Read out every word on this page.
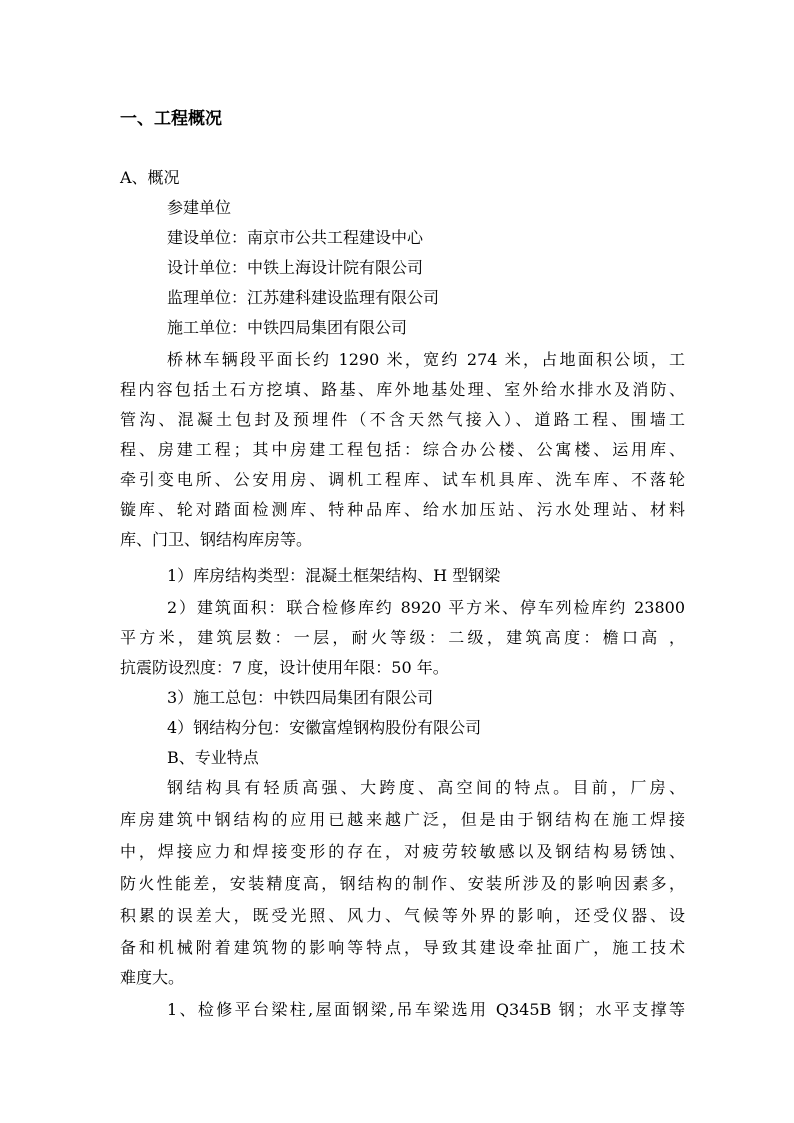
一、工程概况

A、概况

参建单位

建设单位：南京市公共工程建设中心

设计单位：中铁上海设计院有限公司

监理单位：江苏建科建设监理有限公司

施工单位：中铁四局集团有限公司

桥林车辆段平面长约 1290 米，宽约 274 米，占地面积公顷，工

程内容包括土石方挖填、路基、库外地基处理、室外给水排水及消防、

管沟、混凝土包封及预埋件（不含天然气接入）、道路工程、围墙工

程、房建工程；其中房建工程包括：综合办公楼、公寓楼、运用库、

牵引变电所、公安用房、调机工程库、试车机具库、洗车库、不落轮

镟库、轮对踏面检测库、特种品库、给水加压站、污水处理站、材料

库、门卫、钢结构库房等。

1）库房结构类型：混凝土框架结构、H 型钢梁

2）建筑面积：联合检修库约 8920 平方米、停车列检库约 23800

平方米，建筑层数：一层，耐火等级：二级，建筑高度：檐口高 ，

抗震防设烈度：7 度，设计使用年限：50 年。

3）施工总包：中铁四局集团有限公司

4）钢结构分包：安徽富煌钢构股份有限公司

B、专业特点

钢结构具有轻质高强、大跨度、高空间的特点。目前，厂房、

库房建筑中钢结构的应用已越来越广泛，但是由于钢结构在施工焊接

中，焊接应力和焊接变形的存在，对疲劳较敏感以及钢结构易锈蚀、

防火性能差，安装精度高，钢结构的制作、安装所涉及的影响因素多，

积累的误差大，既受光照、风力、气候等外界的影响，还受仪器、设

备和机械附着建筑物的影响等特点，导致其建设牵扯面广，施工技术

难度大。

1、检修平台梁柱,屋面钢梁,吊车梁选用 Q345B 钢；水平支撑等
